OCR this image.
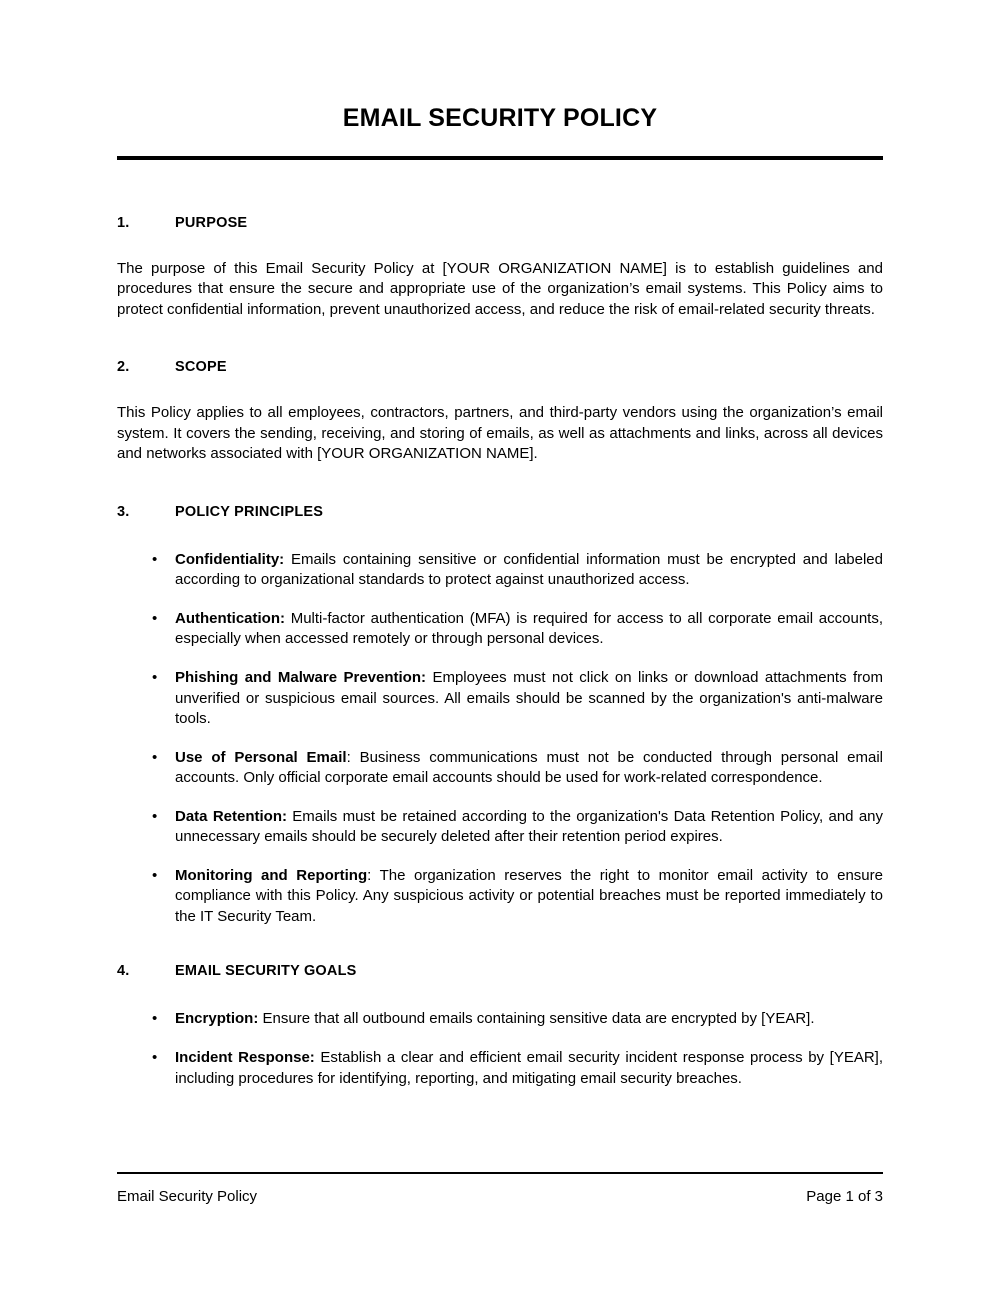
EMAIL SECURITY POLICY
1.	PURPOSE

The purpose of this Email Security Policy at [YOUR ORGANIZATION NAME] is to establish guidelines and procedures that ensure the secure and appropriate use of the organization’s email systems. This Policy aims to protect confidential information, prevent unauthorized access, and reduce the risk of email-related security threats.

2.	SCOPE

This Policy applies to all employees, contractors, partners, and third-party vendors using the organization’s email system. It covers the sending, receiving, and storing of emails, as well as attachments and links, across all devices and networks associated with [YOUR ORGANIZATION NAME].

3.	POLICY PRINCIPLES
• Confidentiality: Emails containing sensitive or confidential information must be encrypted and labeled according to organizational standards to protect against unauthorized access.
• Authentication: Multi-factor authentication (MFA) is required for access to all corporate email accounts, especially when accessed remotely or through personal devices.
• Phishing and Malware Prevention: Employees must not click on links or download attachments from unverified or suspicious email sources. All emails should be scanned by the organization's anti-malware tools.
• Use of Personal Email: Business communications must not be conducted through personal email accounts. Only official corporate email accounts should be used for work-related correspondence.
• Data Retention: Emails must be retained according to the organization's Data Retention Policy, and any unnecessary emails should be securely deleted after their retention period expires.
• Monitoring and Reporting: The organization reserves the right to monitor email activity to ensure compliance with this Policy. Any suspicious activity or potential breaches must be reported immediately to the IT Security Team.
4.	EMAIL SECURITY GOALS
• Encryption: Ensure that all outbound emails containing sensitive data are encrypted by [YEAR].
• Incident Response: Establish a clear and efficient email security incident response process by [YEAR], including procedures for identifying, reporting, and mitigating email security breaches.
Email Security Policy	Page 1 of 3
